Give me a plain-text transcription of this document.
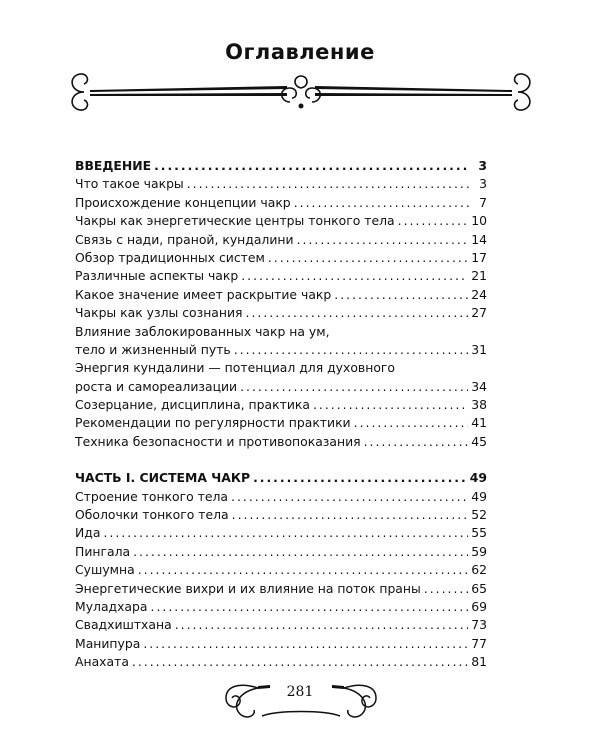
Оглавление
ВВЕДЕНИЕ .....	3
Что такое чакры .....	3
Происхождение концепции чакр .....	7
Чакры как энергетические центры тонкого тела .....	10
Связь с нади, праной, кундалини .....	14
Обзор традиционных систем .....	17
Различные аспекты чакр .....	21
Какое значение имеет раскрытие чакр .....	24
Чакры как узлы сознания .....	27
Влияние заблокированных чакр на ум,
тело и жизненный путь .....	31
Энергия кундалини — потенциал для духовного
роста и самореализации .....	34
Созерцание, дисциплина, практика .....	38
Рекомендации по регулярности практики .....	41
Техника безопасности и противопоказания .....	45
ЧАСТЬ I. СИСТЕМА ЧАКР .....	49
Строение тонкого тела .....	49
Оболочки тонкого тела .....	52
Ида .....	55
Пингала .....	59
Сушумна .....	62
Энергетические вихри и их влияние на поток праны .....	65
Муладхара .....	69
Свадхиштхана .....	73
Манипура .....	77
Анахата .....	81
281
